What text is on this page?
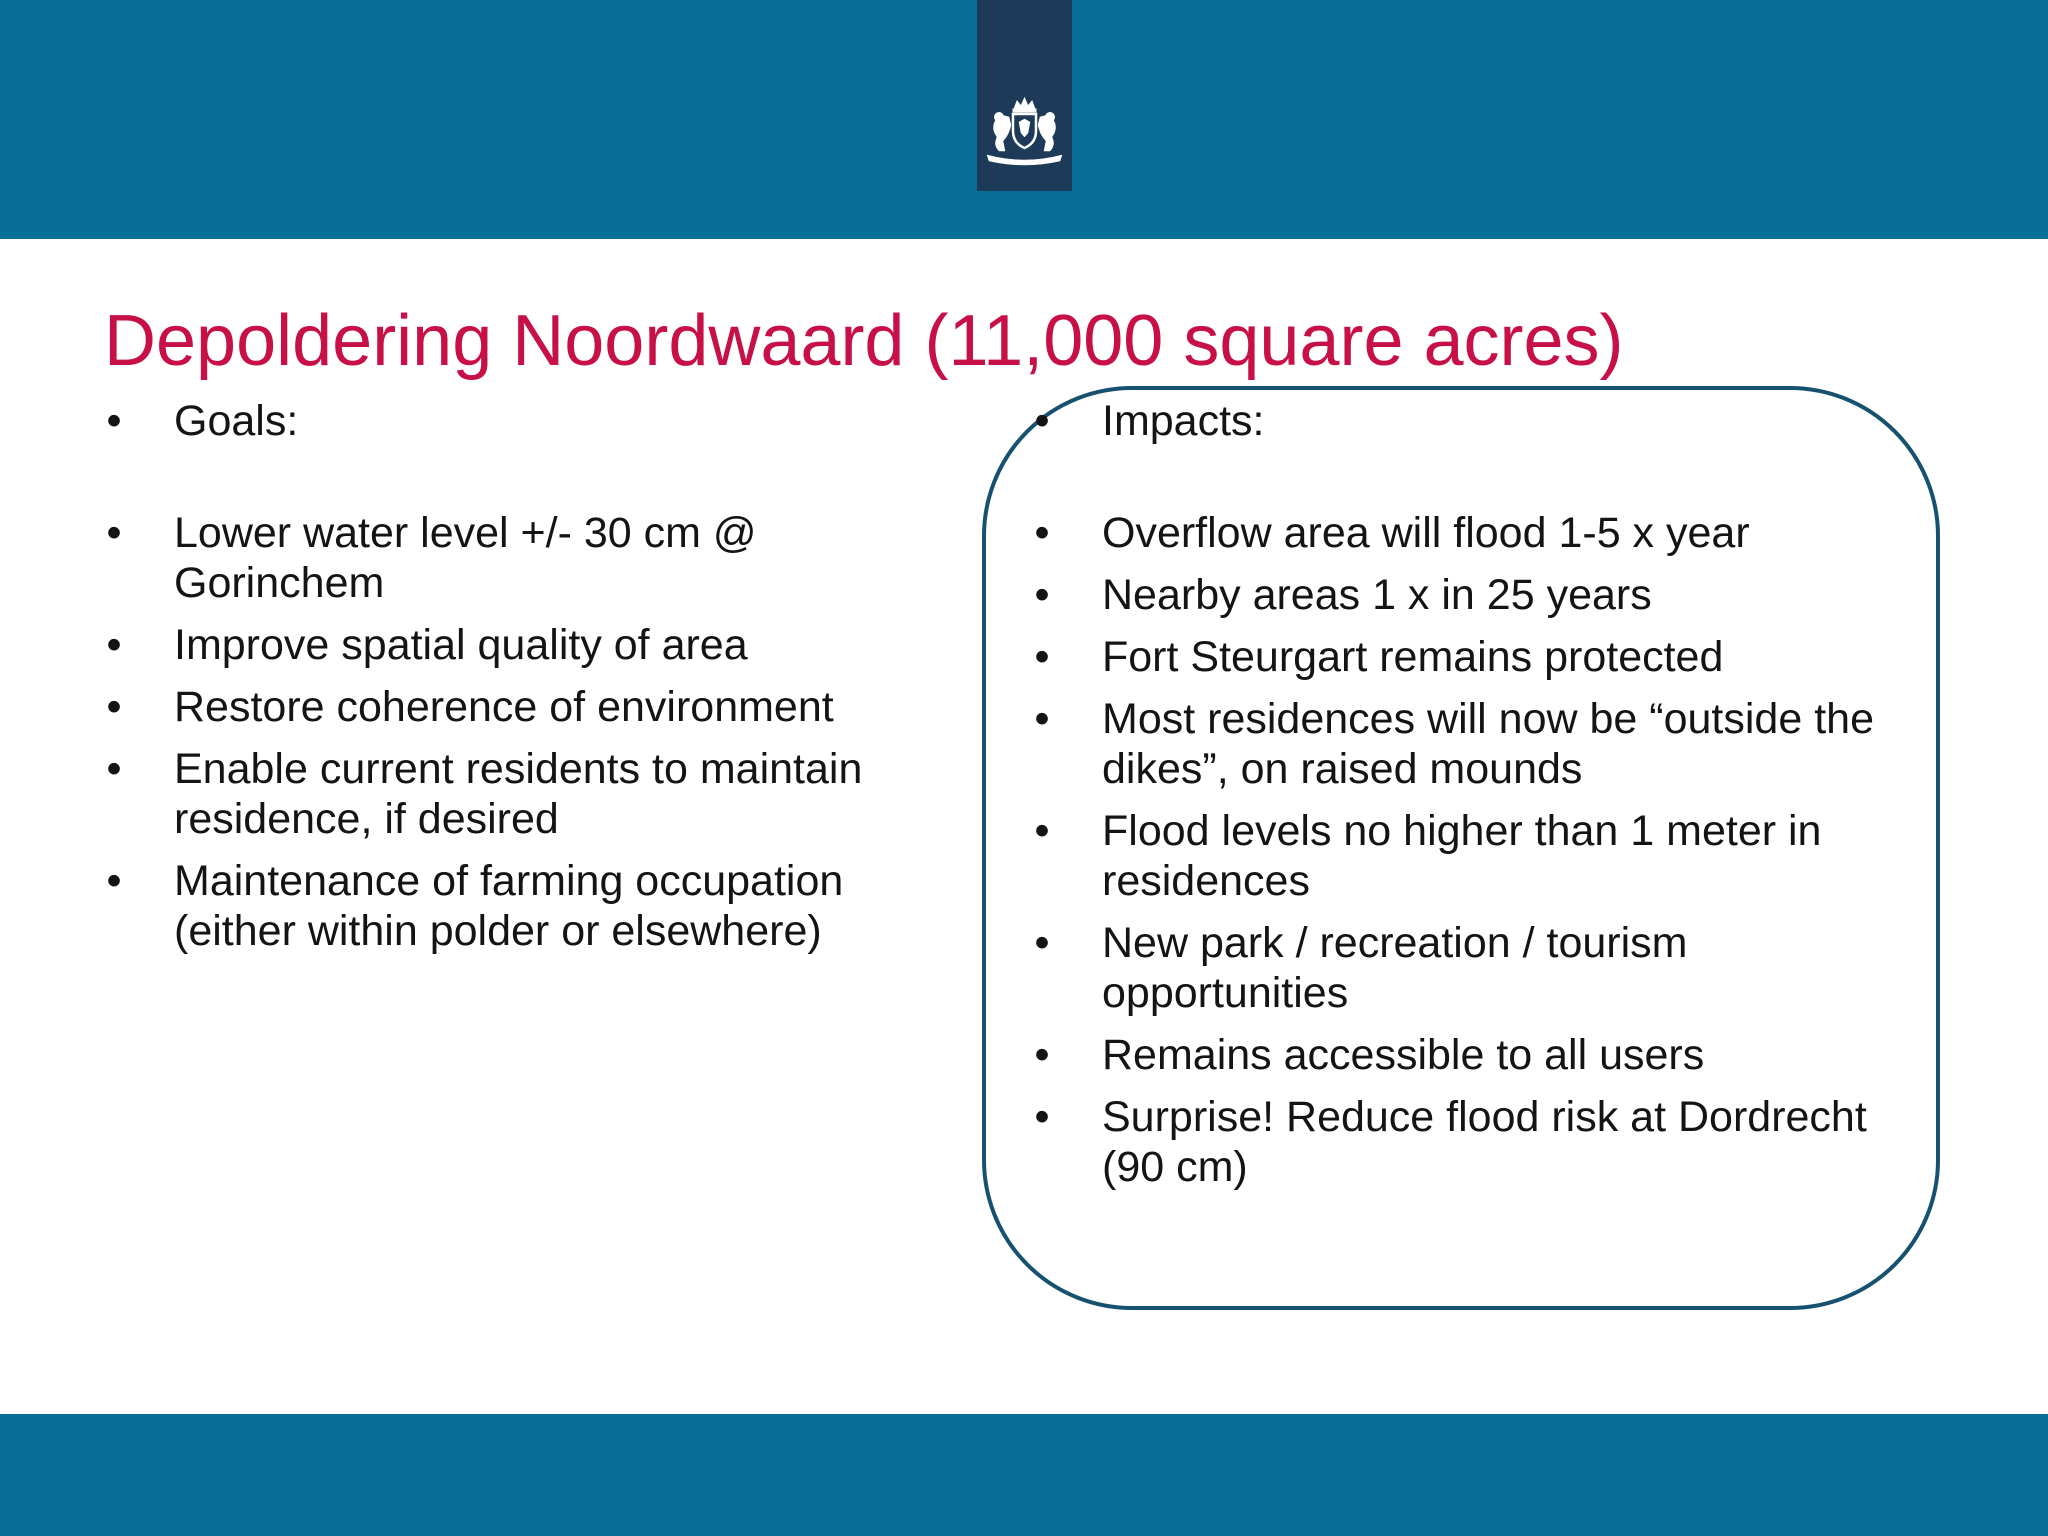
Depoldering Noordwaard (11,000 square acres)
• Goals:
• Lower water level +/- 30 cm @ Gorinchem
• Improve spatial quality of area
• Restore coherence of environment
• Enable current residents to maintain residence, if desired
• Maintenance of farming occupation (either within polder or elsewhere)
• Impacts:
• Overflow area will flood 1-5 x year
• Nearby areas 1 x in 25 years
• Fort Steurgart remains protected
• Most residences will now be “outside the dikes”, on raised mounds
• Flood levels no higher than 1 meter in residences
• New park / recreation / tourism opportunities
• Remains accessible to all users
• Surprise! Reduce flood risk at Dordrecht (90 cm)
